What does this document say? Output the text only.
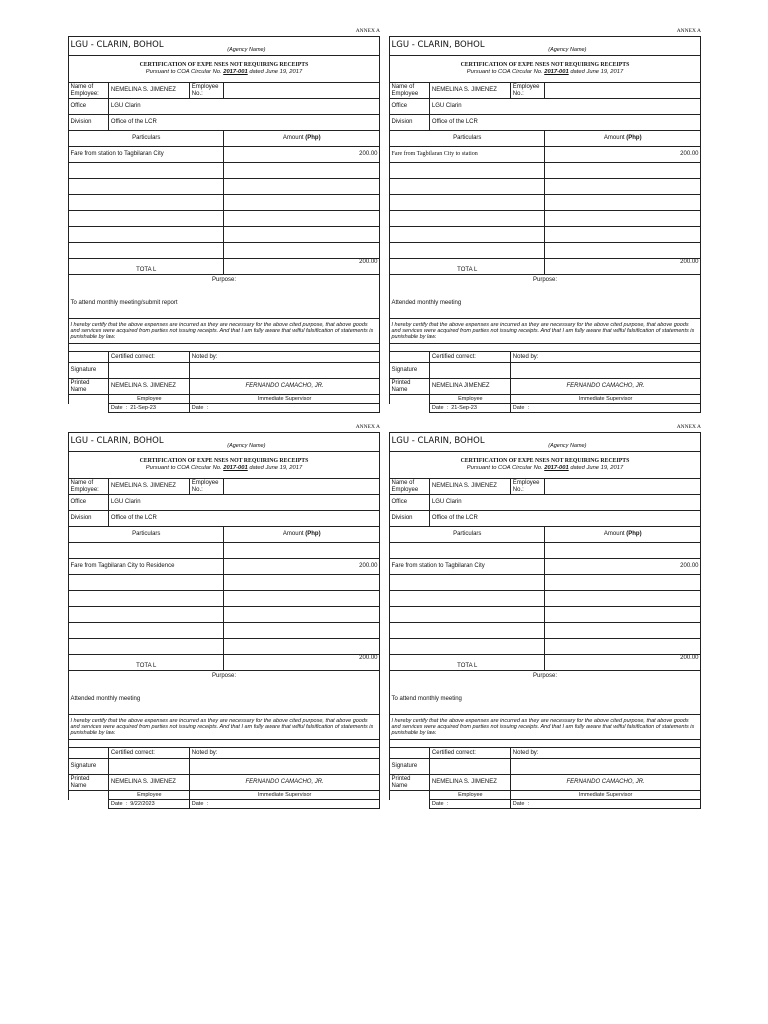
ANNEX A
LGU - CLARIN, BOHOL (Agency Name)			

CERTIFICATION OF EXPE NSES NOT REQUIRING RECEIPTS
Pursuant to COA Circular No. 2017-001 dated June 19, 2017			

Name of Employee:	NEMELINA S. JIMENEZ	Employee No.:	
Office	LGU Clarin		
Division	Office of the LCR		
Particulars			Amount (Php)
Fare from station to Tagbilaran City			200.00

TOTA L			200.00
Purpose:			
To attend monthly meeting/submit report			
I hereby certify that the above expenses are incurred as they are necessary for the above cited purpose, that above goods and services were acquired from parties not issuing receipts. And that I am fully aware that wilful falsification of statements is punishable by law.			

	Certified correct:	Noted by:	
Signature			
Printed Name	NEMELINA S. JIMENEZ	FERNANDO CAMACHO, JR.	
	Employee	Immediate Supervisor	
	Date : 21-Sep-23	Date :	
ANNEX A
LGU - CLARIN, BOHOL (Agency Name)			

CERTIFICATION OF EXPE NSES NOT REQUIRING RECEIPTS
Pursuant to COA Circular No. 2017-001 dated June 19, 2017			

Name of Employee	NEMELINA S. JIMENEZ	Employee No.:	
Office	LGU Clarin		
Division	Office of the LCR		
Particulars			Amount (Php)
Fare from Tagbilaran City to station			200.00

TOTA L			200.00
Purpose:			
Attended monthly meeting			
I hereby certify that the above expenses are incurred as they are necessary for the above cited purpose, that above goods and services were acquired from parties not issuing receipts. And that I am fully aware that wilful falsification of statements is punishable by law.			

	Certified correct:	Noted by:	
Signature			
Printed Name	NEMELINA JIMENEZ	FERNANDO CAMACHO, JR.	
	Employee	Immediate Supervisor	
	Date : 21-Sep-23	Date :	
ANNEX A
LGU - CLARIN, BOHOL (Agency Name)			

CERTIFICATION OF EXPE NSES NOT REQUIRING RECEIPTS
Pursuant to COA Circular No. 2017-001 dated June 19, 2017			

Name of Employee:	NEMELINA S. JIMENEZ	Employee No.:	
Office	LGU Clarin		
Division	Office of the LCR		
Particulars			Amount (Php)

Fare from Tagbilaran City to Residence			200.00

TOTA L			200.00
Purpose:			
Attended monthly meeting			
I hereby certify that the above expenses are incurred as they are necessary for the above cited purpose, that above goods and services were acquired from parties not issuing receipts. And that I am fully aware that wilful falsification of statements is punishable by law.			

	Certified correct:	Noted by:	
Signature			
Printed Name	NEMELINA S. JIMENEZ	FERNANDO CAMACHO, JR.	
	Employee	Immediate Supervisor	
	Date : 9/22/2023	Date :	
ANNEX A
LGU - CLARIN, BOHOL (Agency Name)			

CERTIFICATION OF EXPE NSES NOT REQUIRING RECEIPTS
Pursuant to COA Circular No. 2017-001 dated June 19, 2017			

Name of Employee	NEMELINA S. JIMENEZ	Employee No.:	
Office	LGU Clarin		
Division	Office of the LCR		
Particulars			Amount (Php)

Fare from station to Tagbilaran City			200.00

TOTA L			200.00
Purpose:			
To attend monthly meeting			
I hereby certify that the above expenses are incurred as they are necessary for the above cited purpose, that above goods and services were acquired from parties not issuing receipts. And that I am fully aware that wilful falsification of statements is punishable by law.			

	Certified correct:	Noted by:	
Signature			
Printed Name	NEMELINA S. JIMENEZ	FERNANDO CAMACHO, JR.	
	Employee	Immediate Supervisor	
	Date :	Date :	
